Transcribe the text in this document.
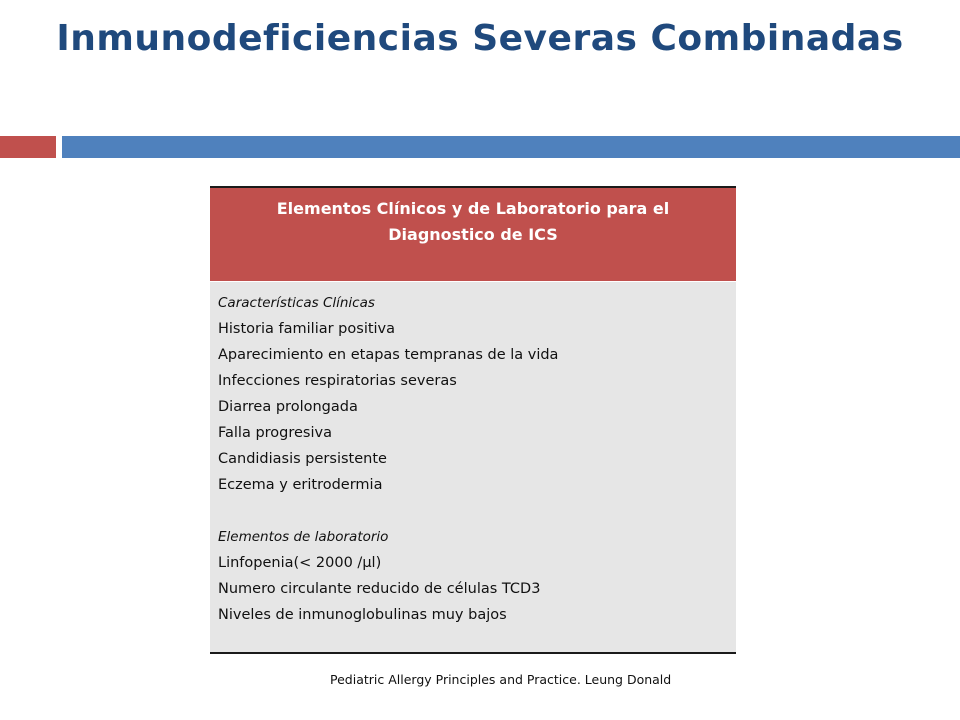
Inmunodeficiencias Severas Combinadas
Elementos Clínicos y de Laboratorio para el
Diagnostico de ICS
Características Clínicas
Historia familiar positiva
Aparecimiento en etapas tempranas de la vida
Infecciones respiratorias severas
Diarrea prolongada
Falla progresiva
Candidiasis persistente
Eczema y eritrodermia
Elementos de laboratorio
Linfopenia(< 2000 /µl)
Numero circulante reducido de células TCD3
Niveles de inmunoglobulinas muy bajos
Pediatric Allergy Principles and Practice. Leung Donald
